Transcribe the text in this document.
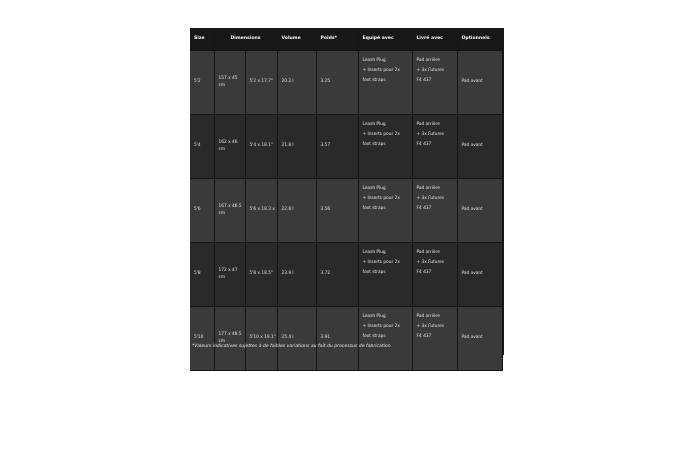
Size	Dimensions		Volume	Poids*	Equipé avec	Livré avec	Optionnels
5'2	157 x 45 cm	5'2 x 17.7"	20.2 l	3.25	Leash Plug
+ Inserts pour 2x
foot straps	Pad arrière
+ 3x Futures
F4 437	Pad avant
5'4	162 x 46 cm	5'4 x 18.1"	21.8 l	3.57	Leash Plug
+ Inserts pour 2x
foot straps	Pad arrière
+ 3x Futures
F4 437	Pad avant
5'6	167 x 46.5 cm	5'6 x 18.3 x	22.8 l	3.56	Leash Plug
+ Inserts pour 2x
foot straps	Pad arrière
+ 3x Futures
F4 437	Pad avant
5'8	172 x 47 cm	5'8 x 18.5"	23.9 l	3.72	Leash Plug
+ Inserts pour 2x
foot straps	Pad arrière
+ 3x Futures
F4 437	Pad avant
5'10	177 x 48.5 cm	5'10 x 19.1"	25.4 l	3.91	Leash Plug
+ Inserts pour 2x
foot straps	Pad arrière
+ 3x Futures
F4 437	Pad avant
*Valeurs indicatives sujettes à de faibles variations au fait du processus de fabrication
